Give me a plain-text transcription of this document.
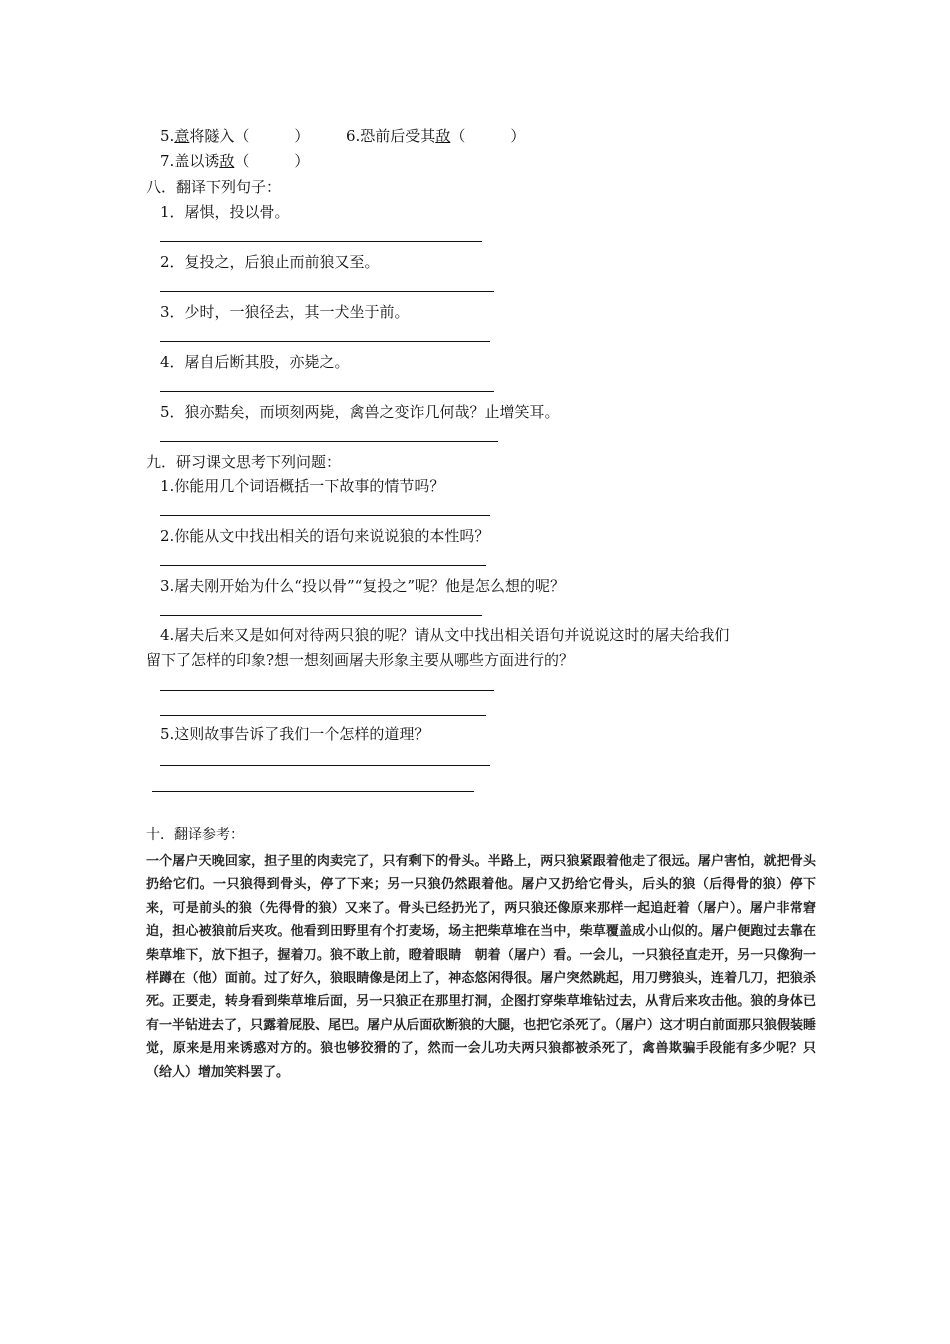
5.意将隧入（　　　） 6.恐前后受其敌（　　　）
7.盖以诱敌（　　　）
八．翻译下列句子：
1．屠惧，投以骨。
2．复投之，后狼止而前狼又至。
3．少时，一狼径去，其一犬坐于前。
4．屠自后断其股，亦毙之。
5．狼亦黠矣，而顷刻两毙，禽兽之变诈几何哉？止增笑耳。
九．研习课文思考下列问题：
1.你能用几个词语概括一下故事的情节吗？
2.你能从文中找出相关的语句来说说狼的本性吗？
3.屠夫刚开始为什么“投以骨”“复投之”呢？他是怎么想的呢？
4.屠夫后来又是如何对待两只狼的呢？请从文中找出相关语句并说说这时的屠夫给我们
留下了怎样的印象?想一想刻画屠夫形象主要从哪些方面进行的？
5.这则故事告诉了我们一个怎样的道理？
十．翻译参考：
一个屠户天晚回家，担子里的肉卖完了，只有剩下的骨头。半路上，两只狼紧跟着他走了很远。屠户害怕，就把骨头扔给它们。一只狼得到骨头，停了下来；另一只狼仍然跟着他。屠户又扔给它骨头，后头的狼（后得骨的狼）停下来，可是前头的狼（先得骨的狼）又来了。骨头已经扔光了，两只狼还像原来那样一起追赶着（屠户）。屠户非常窘迫，担心被狼前后夹攻。他看到田野里有个打麦场，场主把柴草堆在当中，柴草覆盖成小山似的。屠户便跑过去靠在柴草堆下，放下担子，握着刀。狼不敢上前，瞪着眼睛　朝着（屠户）看。一会儿，一只狼径直走开，另一只像狗一样蹲在（他）面前。过了好久，狼眼睛像是闭上了，神态悠闲得很。屠户突然跳起，用刀劈狼头，连着几刀，把狼杀死。正要走，转身看到柴草堆后面，另一只狼正在那里打洞，企图打穿柴草堆钻过去，从背后来攻击他。狼的身体已有一半钻进去了，只露着屁股、尾巴。屠户从后面砍断狼的大腿，也把它杀死了。（屠户）这才明白前面那只狼假装睡觉，原来是用来诱惑对方的。狼也够狡猾的了，然而一会儿功夫两只狼都被杀死了，禽兽欺骗手段能有多少呢？只（给人）增加笑料罢了。
